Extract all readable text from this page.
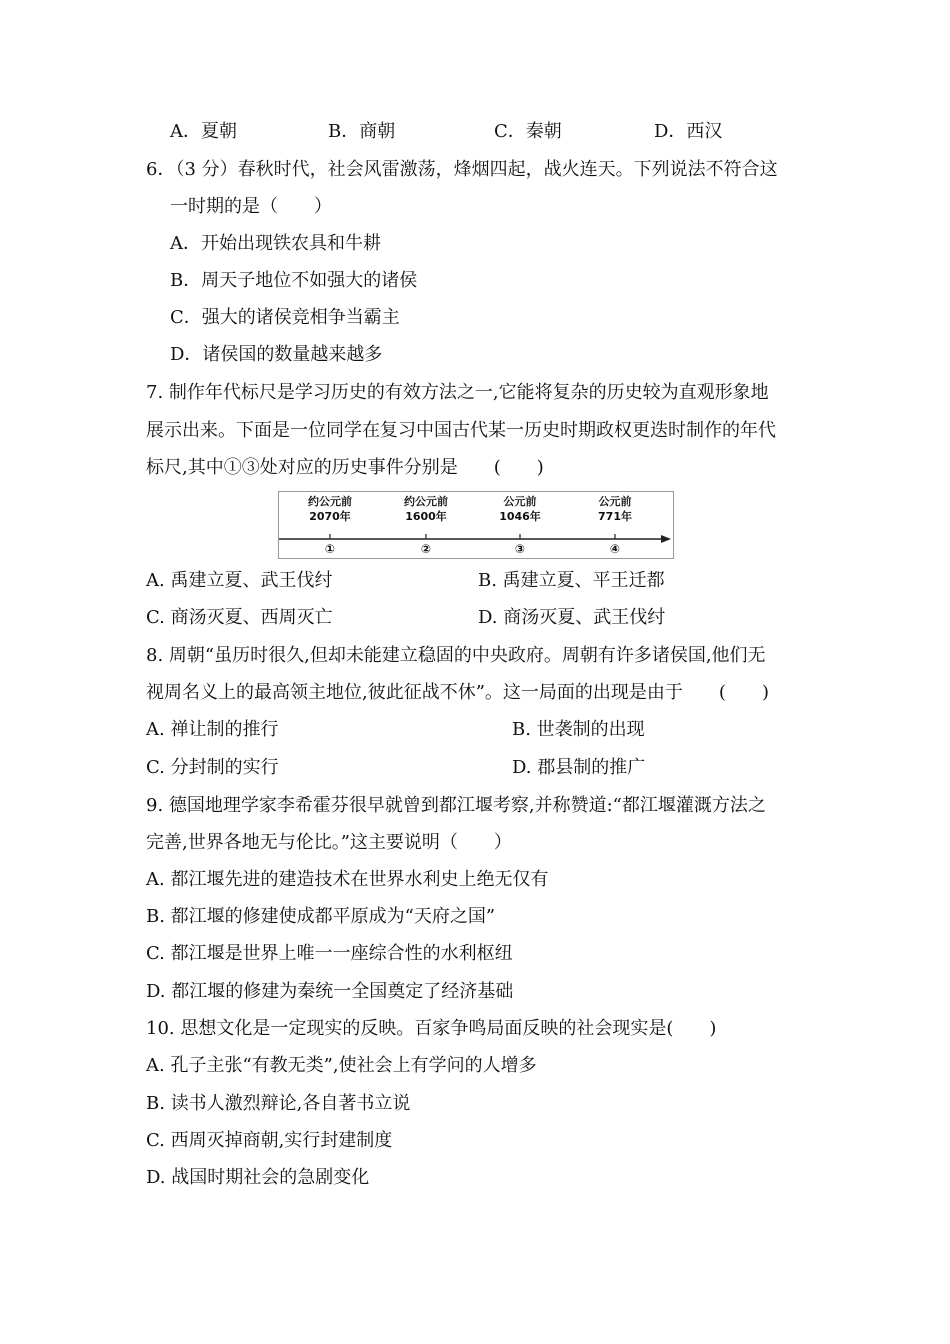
A．夏朝	B．商朝	C．秦朝	D．西汉
6．（3 分）春秋时代，社会风雷激荡，烽烟四起，战火连天。下列说法不符合这
一时期的是（　　）
A．开始出现铁农具和牛耕
B．周天子地位不如强大的诸侯
C．强大的诸侯竞相争当霸主
D．诸侯国的数量越来越多
7. 制作年代标尺是学习历史的有效方法之一,它能将复杂的历史较为直观形象地
展示出来。下面是一位同学在复习中国古代某一历史时期政权更迭时制作的年代
标尺,其中①③处对应的历史事件分别是　　(　　)
约公元前
2070年
约公元前
1600年
公元前
1046年
公元前
771年
①	②	③	④
A. 禹建立夏、武王伐纣	B. 禹建立夏、平王迁都
C. 商汤灭夏、西周灭亡	D. 商汤灭夏、武王伐纣
8. 周朝“虽历时很久,但却未能建立稳固的中央政府。周朝有许多诸侯国,他们无
视周名义上的最高领主地位,彼此征战不休”。这一局面的出现是由于　　(　　)
A. 禅让制的推行	B. 世袭制的出现
C. 分封制的实行	D. 郡县制的推广
9. 德国地理学家李希霍芬很早就曾到都江堰考察,并称赞道:“都江堰灌溉方法之
完善,世界各地无与伦比。”这主要说明（　　）
A. 都江堰先进的建造技术在世界水利史上绝无仅有
B. 都江堰的修建使成都平原成为“天府之国”
C. 都江堰是世界上唯一一座综合性的水利枢纽
D. 都江堰的修建为秦统一全国奠定了经济基础
10. 思想文化是一定现实的反映。百家争鸣局面反映的社会现实是(　　)
A. 孔子主张“有教无类”,使社会上有学问的人增多
B. 读书人激烈辩论,各自著书立说
C. 西周灭掉商朝,实行封建制度
D. 战国时期社会的急剧变化
